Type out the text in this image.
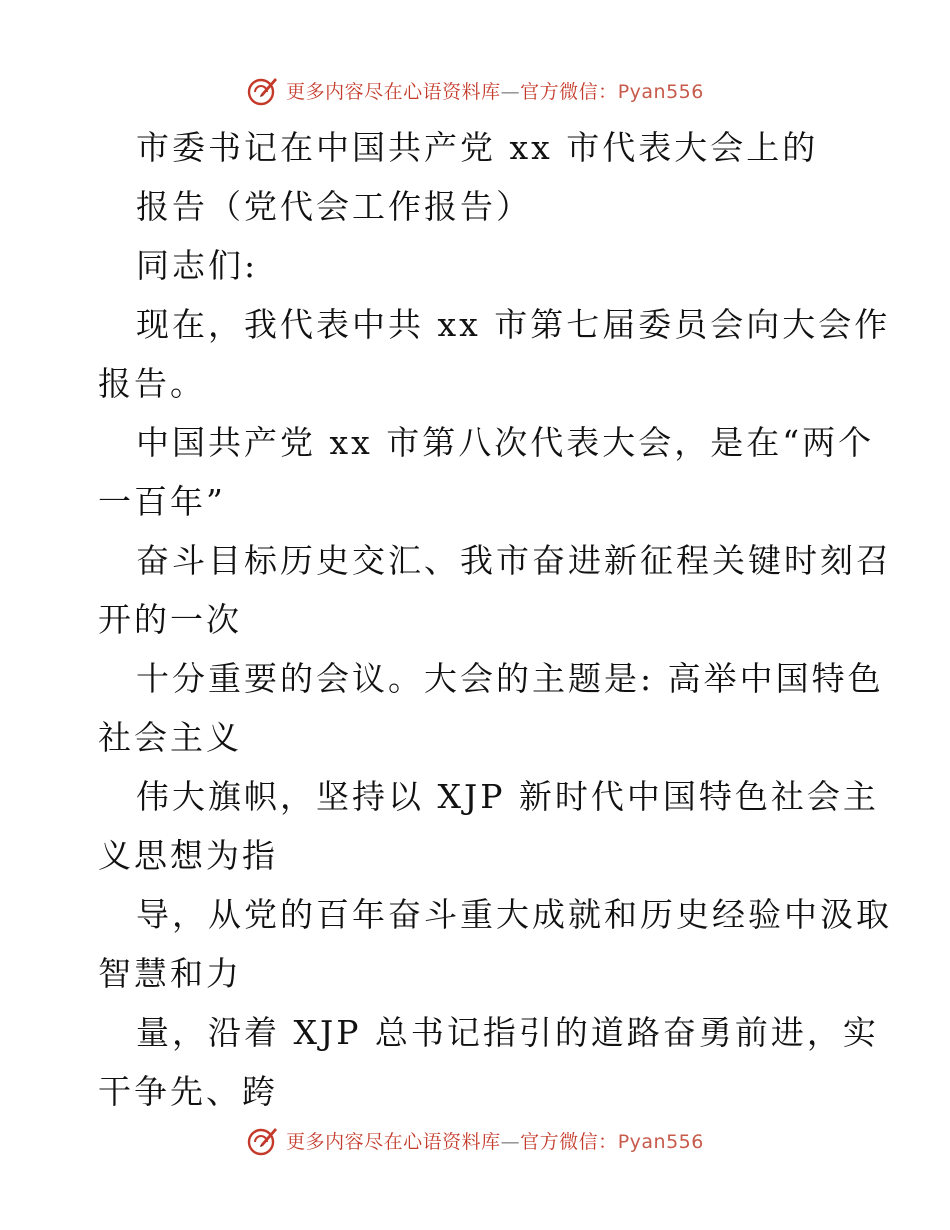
更多内容尽在心语资料库—官方微信：Pyan556
市委书记在中国共产党 xx 市代表大会上的
报告（党代会工作报告）
同志们:
现在，我代表中共 xx 市第七届委员会向大会作
报告。
中国共产党 xx 市第八次代表大会，是在“两个
一百年”
奋斗目标历史交汇、我市奋进新征程关键时刻召
开的一次
十分重要的会议。大会的主题是: 高举中国特色
社会主义
伟大旗帜，坚持以 XJP 新时代中国特色社会主
义思想为指
导，从党的百年奋斗重大成就和历史经验中汲取
智慧和力
量，沿着 XJP 总书记指引的道路奋勇前进，实
干争先、跨
更多内容尽在心语资料库—官方微信：Pyan556
